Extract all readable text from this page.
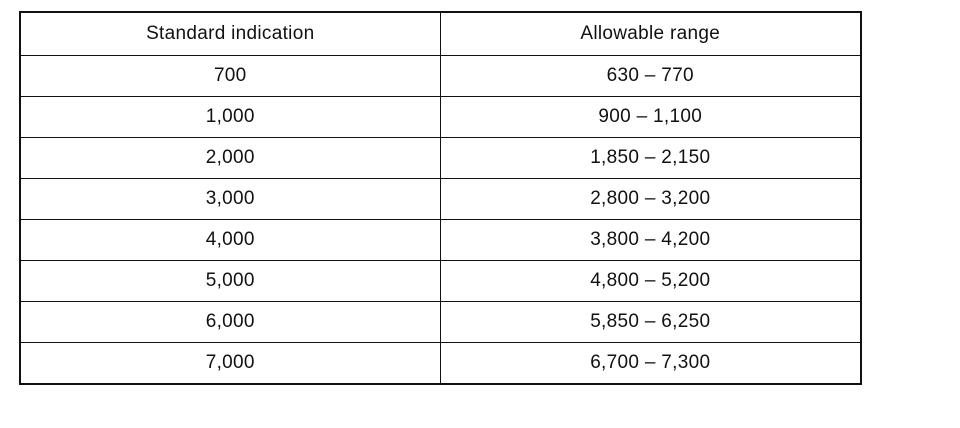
Standard indication	Allowable range
700	630 – 770
1,000	900 – 1,100
2,000	1,850 – 2,150
3,000	2,800 – 3,200
4,000	3,800 – 4,200
5,000	4,800 – 5,200
6,000	5,850 – 6,250
7,000	6,700 – 7,300
